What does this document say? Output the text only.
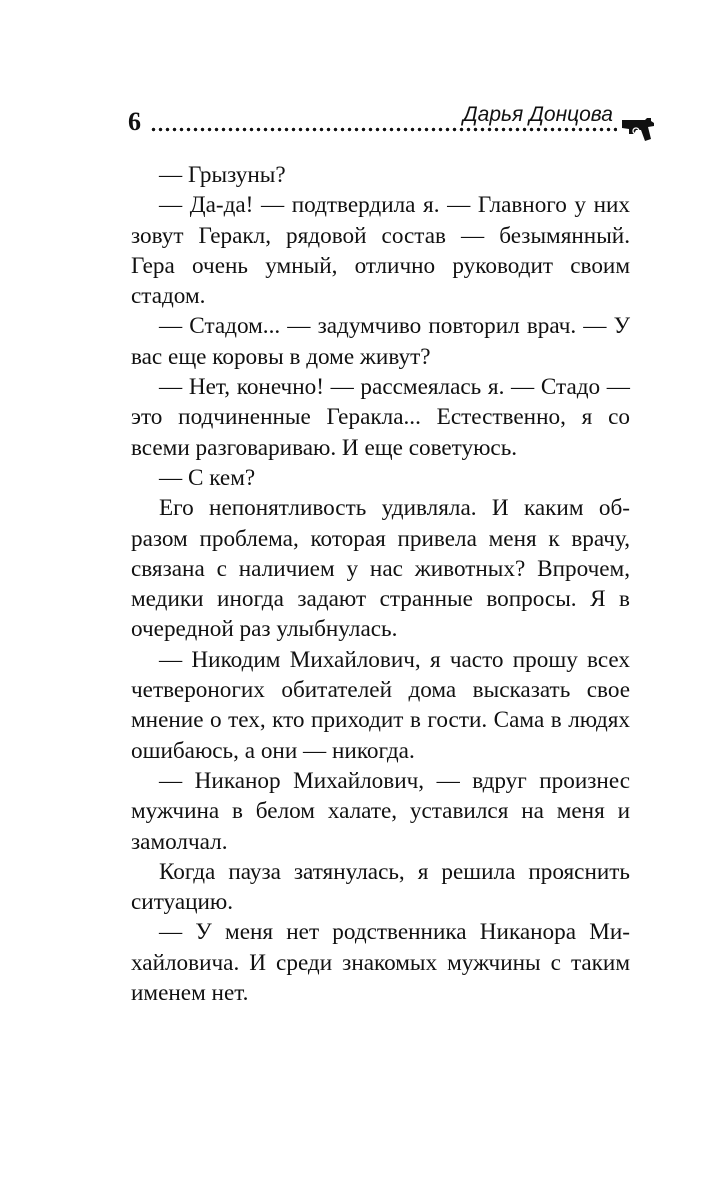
6	Дарья Донцова

— Грызуны?

— Да-да! — подтвердила я. — Главного у них зовут Геракл, рядовой состав — безымянный. Гера очень умный, отлично руководит своим стадом.

— Стадом... — задумчиво повторил врач. — У вас еще коровы в доме живут?

— Нет, конечно! — рассмеялась я. — Стадо — это подчиненные Геракла... Естественно, я со всеми разговариваю. И еще советуюсь.

— С кем?

Его непонятливость удивляла. И каким образом проблема, которая привела меня к врачу, связана с наличием у нас животных? Впрочем, медики иногда задают странные вопросы. Я в очередной раз улыбнулась.

— Никодим Михайлович, я часто прошу всех четвероногих обитателей дома высказать свое мнение о тех, кто приходит в гости. Сама в людях ошибаюсь, а они — никогда.

— Никанор Михайлович, — вдруг произнес мужчина в белом халате, уставился на меня и замолчал.

Когда пауза затянулась, я решила прояснить ситуацию.

— У меня нет родственника Никанора Михайловича. И среди знакомых мужчины с таким именем нет.
